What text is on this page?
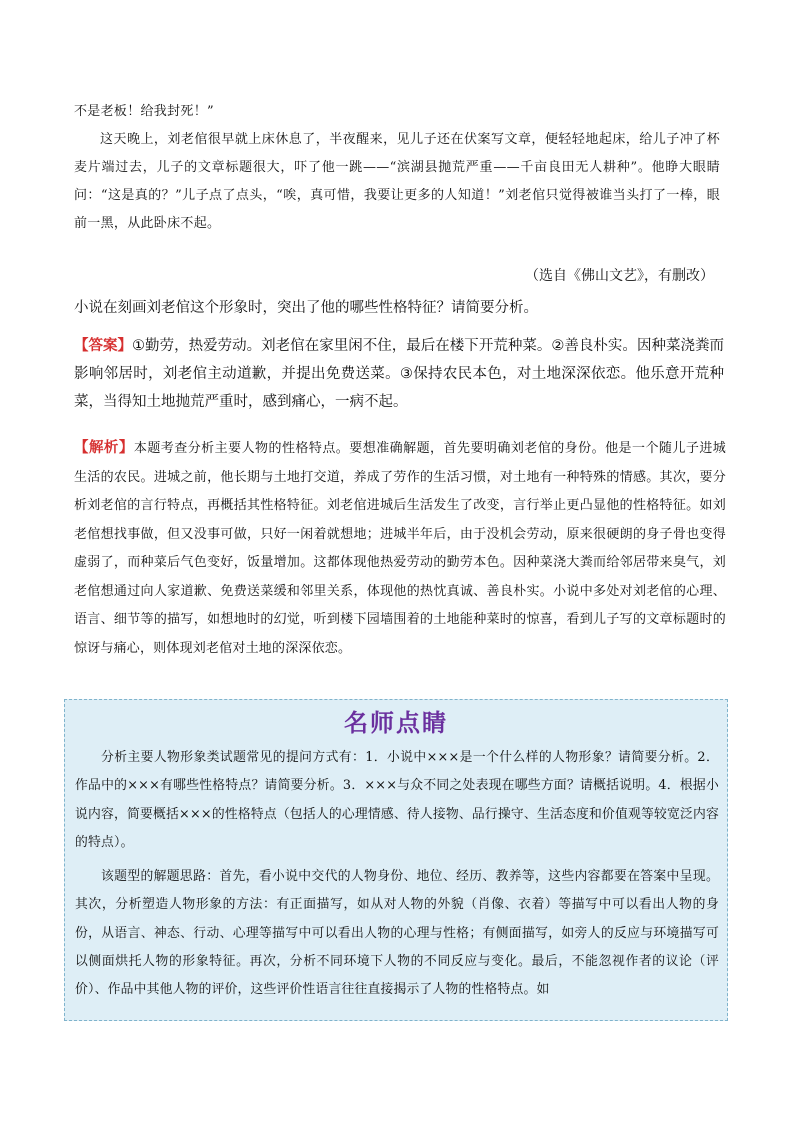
不是老板！给我封死！”

这天晚上，刘老倌很早就上床休息了，半夜醒来，见儿子还在伏案写文章，便轻轻地起床，给儿子冲了杯麦片端过去，儿子的文章标题很大，吓了他一跳——“滨湖县抛荒严重——千亩良田无人耕种”。他睁大眼睛问：“这是真的？”儿子点了点头，“唉，真可惜，我要让更多的人知道！”刘老倌只觉得被谁当头打了一棒，眼前一黑，从此卧床不起。

（选自《佛山文艺》，有删改）
小说在刻画刘老倌这个形象时，突出了他的哪些性格特征？请简要分析。
【答案】①勤劳，热爱劳动。刘老倌在家里闲不住，最后在楼下开荒种菜。②善良朴实。因种菜浇粪而影响邻居时，刘老倌主动道歉，并提出免费送菜。③保持农民本色，对土地深深依恋。他乐意开荒种菜，当得知土地抛荒严重时，感到痛心，一病不起。
【解析】本题考查分析主要人物的性格特点。要想准确解题，首先要明确刘老倌的身份。他是一个随儿子进城生活的农民。进城之前，他长期与土地打交道，养成了劳作的生活习惯，对土地有一种特殊的情感。其次，要分析刘老倌的言行特点，再概括其性格特征。刘老倌进城后生活发生了改变，言行举止更凸显他的性格特征。如刘老倌想找事做，但又没事可做，只好一闲着就想地；进城半年后，由于没机会劳动，原来很硬朗的身子骨也变得虚弱了，而种菜后气色变好，饭量增加。这都体现他热爱劳动的勤劳本色。因种菜浇大粪而给邻居带来臭气，刘老倌想通过向人家道歉、免费送菜缓和邻里关系，体现他的热忱真诚、善良朴实。小说中多处对刘老倌的心理、语言、细节等的描写，如想地时的幻觉，听到楼下园墙围着的土地能种菜时的惊喜，看到儿子写的文章标题时的惊讶与痛心，则体现刘老倌对土地的深深依恋。
名师点睛

分析主要人物形象类试题常见的提问方式有：1．小说中×××是一个什么样的人物形象？请简要分析。2．作品中的×××有哪些性格特点？请简要分析。3．×××与众不同之处表现在哪些方面？请概括说明。4．根据小说内容，简要概括×××的性格特点（包括人的心理情感、待人接物、品行操守、生活态度和价值观等较宽泛内容的特点）。

该题型的解题思路：首先，看小说中交代的人物身份、地位、经历、教养等，这些内容都要在答案中呈现。其次，分析塑造人物形象的方法：有正面描写，如从对人物的外貌（肖像、衣着）等描写中可以看出人物的身份，从语言、神态、行动、心理等描写中可以看出人物的心理与性格；有侧面描写，如旁人的反应与环境描写可以侧面烘托人物的形象特征。再次，分析不同环境下人物的不同反应与变化。最后，不能忽视作者的议论（评价）、作品中其他人物的评价，这些评价性语言往往直接揭示了人物的性格特点。如
